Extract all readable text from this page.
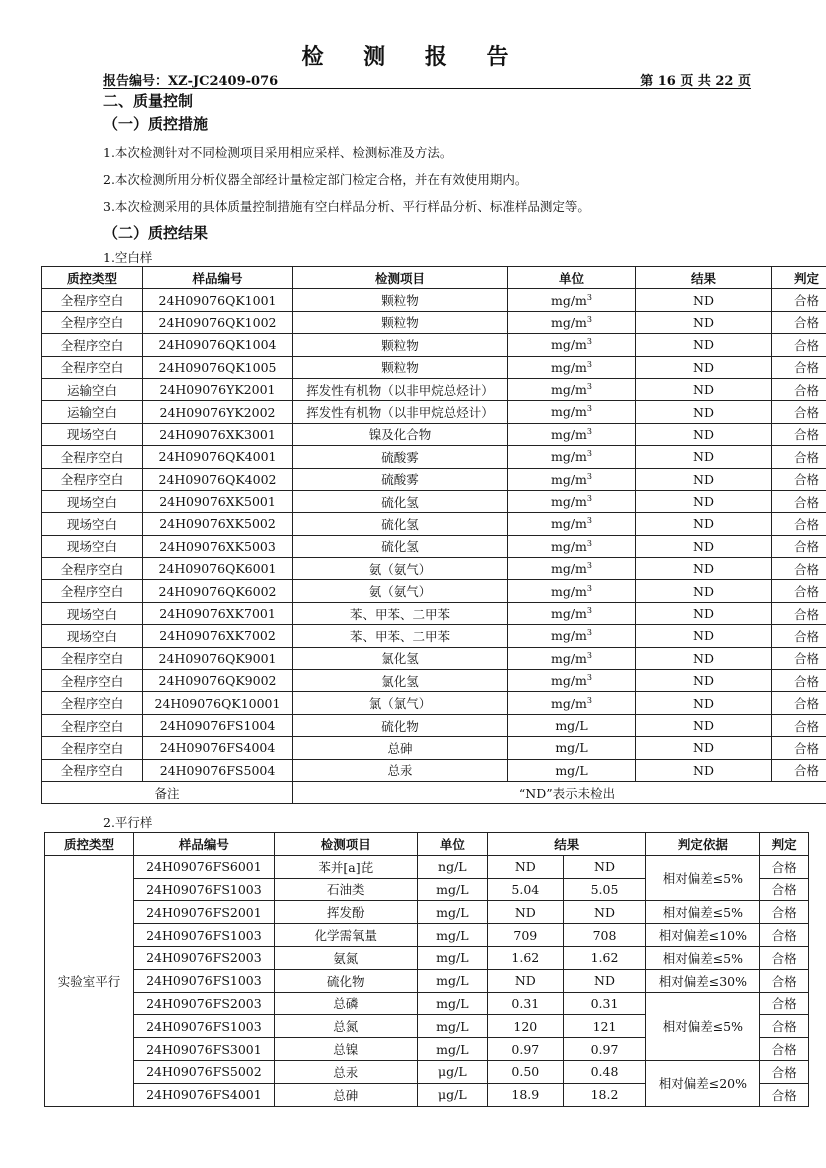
检 测 报 告
报告编号：XZ-JC2409-076	第 16 页 共 22 页
二、质量控制
（一）质控措施
1.本次检测针对不同检测项目采用相应采样、检测标准及方法。
2.本次检测所用分析仪器全部经计量检定部门检定合格，并在有效使用期内。
3.本次检测采用的具体质量控制措施有空白样品分析、平行样品分析、标准样品测定等。
（二）质控结果
1.空白样
质控类型	样品编号	检测项目	单位	结果	判定
全程序空白	24H09076QK1001	颗粒物	$mg/m^3$	ND	合格
全程序空白	24H09076QK1002	颗粒物	$mg/m^3$	ND	合格
全程序空白	24H09076QK1004	颗粒物	$mg/m^3$	ND	合格
全程序空白	24H09076QK1005	颗粒物	$mg/m^3$	ND	合格
运输空白	24H09076YK2001	挥发性有机物（以非甲烷总烃计）	$mg/m^3$	ND	合格
运输空白	24H09076YK2002	挥发性有机物（以非甲烷总烃计）	$mg/m^3$	ND	合格
现场空白	24H09076XK3001	镍及化合物	$mg/m^3$	ND	合格
全程序空白	24H09076QK4001	硫酸雾	$mg/m^3$	ND	合格
全程序空白	24H09076QK4002	硫酸雾	$mg/m^3$	ND	合格
现场空白	24H09076XK5001	硫化氢	$mg/m^3$	ND	合格
现场空白	24H09076XK5002	硫化氢	$mg/m^3$	ND	合格
现场空白	24H09076XK5003	硫化氢	$mg/m^3$	ND	合格
全程序空白	24H09076QK6001	氨（氨气）	$mg/m^3$	ND	合格
全程序空白	24H09076QK6002	氨（氨气）	$mg/m^3$	ND	合格
现场空白	24H09076XK7001	苯、甲苯、二甲苯	$mg/m^3$	ND	合格
现场空白	24H09076XK7002	苯、甲苯、二甲苯	$mg/m^3$	ND	合格
全程序空白	24H09076QK9001	氯化氢	$mg/m^3$	ND	合格
全程序空白	24H09076QK9002	氯化氢	$mg/m^3$	ND	合格
全程序空白	24H09076QK10001	氯（氯气）	$mg/m^3$	ND	合格
全程序空白	24H09076FS1004	硫化物	mg/L	ND	合格
全程序空白	24H09076FS4004	总砷	mg/L	ND	合格
全程序空白	24H09076FS5004	总汞	mg/L	ND	合格
备注		“ND”表示未检出			
2.平行样
质控类型	样品编号	检测项目	单位	结果		判定依据	判定
实验室平行	24H09076FS6001	苯并[a]芘	ng/L	ND	ND	相对偏差≤5%	合格
	24H09076FS1003	石油类	mg/L	5.04	5.05		合格
	24H09076FS2001	挥发酚	mg/L	ND	ND	相对偏差≤5%	合格
	24H09076FS1003	化学需氧量	mg/L	709	708	相对偏差≤10%	合格
	24H09076FS2003	氨氮	mg/L	1.62	1.62	相对偏差≤5%	合格
	24H09076FS1003	硫化物	mg/L	ND	ND	相对偏差≤30%	合格
	24H09076FS2003	总磷	mg/L	0.31	0.31	相对偏差≤5%	合格
	24H09076FS1003	总氮	mg/L	120	121		合格
	24H09076FS3001	总镍	mg/L	0.97	0.97		合格
	24H09076FS5002	总汞	μg/L	0.50	0.48	相对偏差≤20%	合格
	24H09076FS4001	总砷	μg/L	18.9	18.2		合格
